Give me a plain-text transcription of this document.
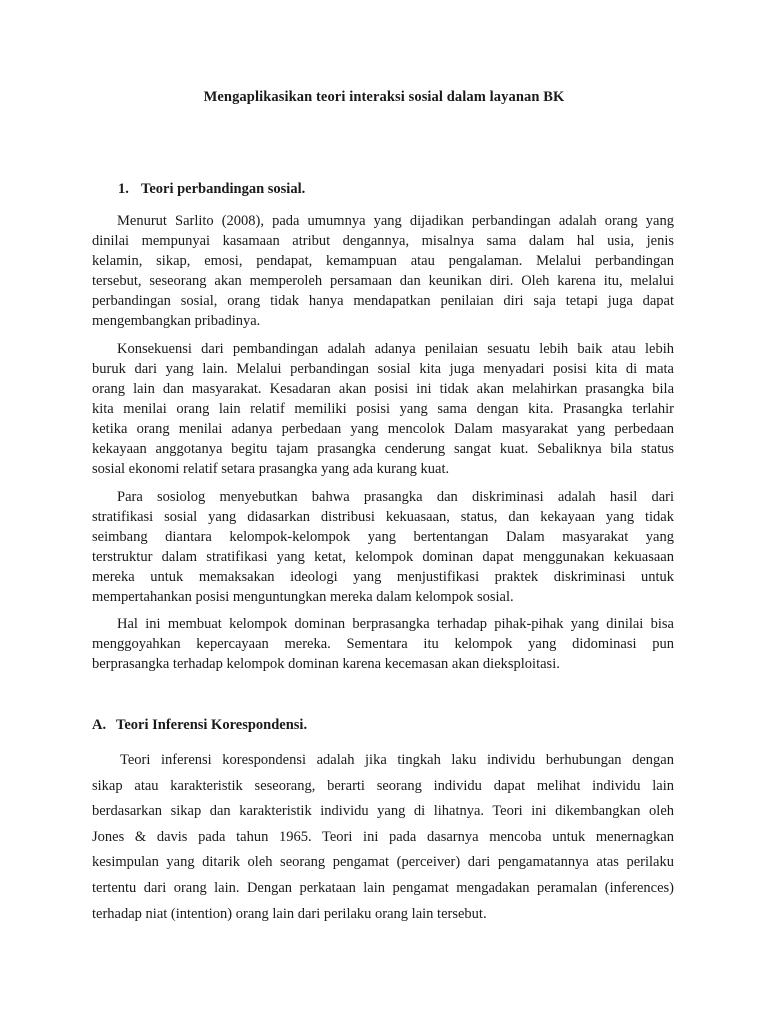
Mengaplikasikan teori interaksi sosial dalam layanan BK
1. Teori perbandingan sosial.
Menurut Sarlito (2008), pada umumnya yang dijadikan perbandingan adalah orang yang
dinilai mempunyai kasamaan atribut dengannya, misalnya sama dalam hal usia, jenis
kelamin, sikap, emosi, pendapat, kemampuan atau pengalaman. Melalui perbandingan
tersebut, seseorang akan memperoleh persamaan dan keunikan diri. Oleh karena itu, melalui
perbandingan sosial, orang tidak hanya mendapatkan penilaian diri saja tetapi juga dapat
mengembangkan pribadinya.
Konsekuensi dari pembandingan adalah adanya penilaian sesuatu lebih baik atau lebih
buruk dari yang lain. Melalui perbandingan sosial kita juga menyadari posisi kita di mata
orang lain dan masyarakat. Kesadaran akan posisi ini tidak akan melahirkan prasangka bila
kita menilai orang lain relatif memiliki posisi yang sama dengan kita. Prasangka terlahir
ketika orang menilai adanya perbedaan yang mencolok Dalam masyarakat yang perbedaan
kekayaan anggotanya begitu tajam prasangka cenderung sangat kuat. Sebaliknya bila status
sosial ekonomi relatif setara prasangka yang ada kurang kuat.
Para sosiolog menyebutkan bahwa prasangka dan diskriminasi adalah hasil dari
stratifikasi sosial yang didasarkan distribusi kekuasaan, status, dan kekayaan yang tidak
seimbang diantara kelompok-kelompok yang bertentangan Dalam masyarakat yang
terstruktur dalam stratifikasi yang ketat, kelompok dominan dapat menggunakan kekuasaan
mereka untuk memaksakan ideologi yang menjustifikasi praktek diskriminasi untuk
mempertahankan posisi menguntungkan mereka dalam kelompok sosial.
Hal ini membuat kelompok dominan berprasangka terhadap pihak-pihak yang dinilai bisa
menggoyahkan kepercayaan mereka. Sementara itu kelompok yang didominasi pun
berprasangka terhadap kelompok dominan karena kecemasan akan dieksploitasi.
A. Teori Inferensi Korespondensi.
Teori inferensi korespondensi adalah jika tingkah laku individu berhubungan dengan
sikap atau karakteristik seseorang, berarti seorang individu dapat melihat individu lain
berdasarkan sikap dan karakteristik individu yang di lihatnya. Teori ini dikembangkan oleh
Jones & davis pada tahun 1965. Teori ini pada dasarnya mencoba untuk menernagkan
kesimpulan yang ditarik oleh seorang pengamat (perceiver) dari pengamatannya atas perilaku
tertentu dari orang lain. Dengan perkataan lain pengamat mengadakan peramalan (inferences)
terhadap niat (intention) orang lain dari perilaku orang lain tersebut.
